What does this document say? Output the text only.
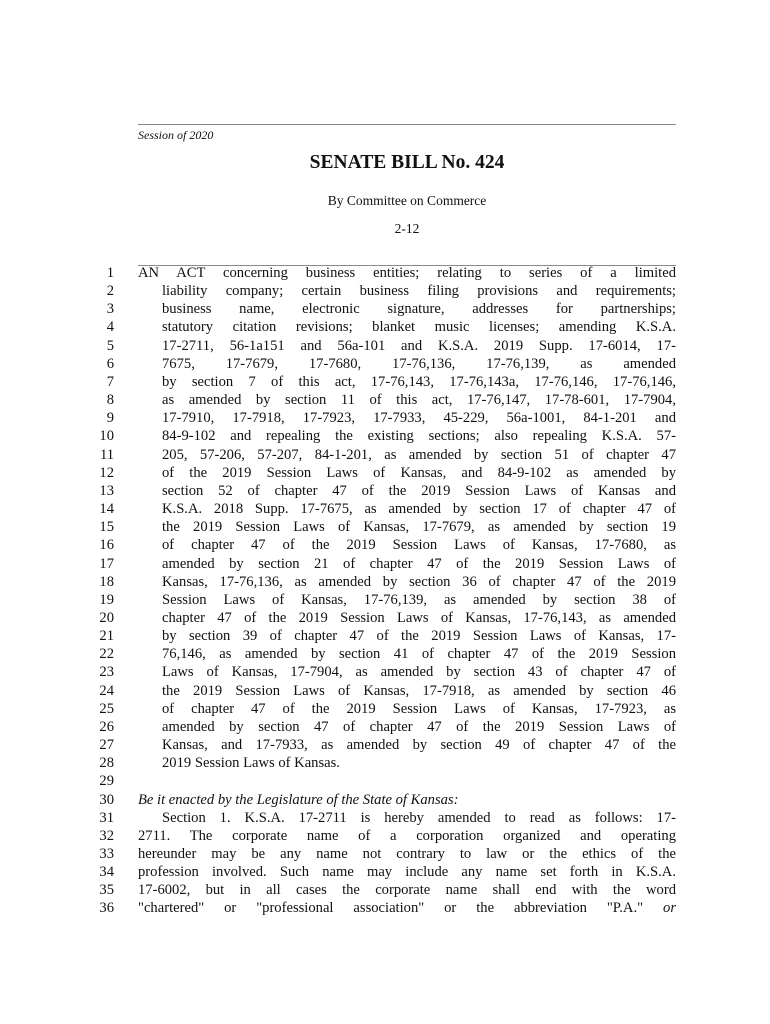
Session of 2020
SENATE BILL No. 424
By Committee on Commerce
2-12
1 AN ACT concerning business entities; relating to series of a limited
2	liability company; certain business filing provisions and requirements;
3	business name, electronic signature, addresses for partnerships;
4	statutory citation revisions; blanket music licenses; amending K.S.A.
5	17-2711, 56-1a151 and 56a-101 and K.S.A. 2019 Supp. 17-6014, 17-
6	7675, 17-7679, 17-7680, 17-76,136, 17-76,139, as amended
7	by section 7 of this act, 17-76,143, 17-76,143a, 17-76,146, 17-76,146,
8	as amended by section 11 of this act, 17-76,147, 17-78-601, 17-7904,
9	17-7910, 17-7918, 17-7923, 17-7933, 45-229, 56a-1001, 84-1-201 and
10	84-9-102 and repealing the existing sections; also repealing K.S.A. 57-
11	205, 57-206, 57-207, 84-1-201, as amended by section 51 of chapter 47
12	of the 2019 Session Laws of Kansas, and 84-9-102 as amended by
13	section 52 of chapter 47 of the 2019 Session Laws of Kansas and
14	K.S.A. 2018 Supp. 17-7675, as amended by section 17 of chapter 47 of
15	the 2019 Session Laws of Kansas, 17-7679, as amended by section 19
16	of chapter 47 of the 2019 Session Laws of Kansas, 17-7680, as
17	amended by section 21 of chapter 47 of the 2019 Session Laws of
18	Kansas, 17-76,136, as amended by section 36 of chapter 47 of the 2019
19	Session Laws of Kansas, 17-76,139, as amended by section 38 of
20	chapter 47 of the 2019 Session Laws of Kansas, 17-76,143, as amended
21	by section 39 of chapter 47 of the 2019 Session Laws of Kansas, 17-
22	76,146, as amended by section 41 of chapter 47 of the 2019 Session
23	Laws of Kansas, 17-7904, as amended by section 43 of chapter 47 of
24	the 2019 Session Laws of Kansas, 17-7918, as amended by section 46
25	of chapter 47 of the 2019 Session Laws of Kansas, 17-7923, as
26	amended by section 47 of chapter 47 of the 2019 Session Laws of
27	Kansas, and 17-7933, as amended by section 49 of chapter 47 of the
28	2019 Session Laws of Kansas.
29
30 Be it enacted by the Legislature of the State of Kansas:
31	Section 1. K.S.A. 17-2711 is hereby amended to read as follows: 17-
32 2711. The corporate name of a corporation organized and operating
33 hereunder may be any name not contrary to law or the ethics of the
34 profession involved. Such name may include any name set forth in K.S.A.
35 17-6002, but in all cases the corporate name shall end with the word
36 "chartered" or "professional association" or the abbreviation "P.A." or
